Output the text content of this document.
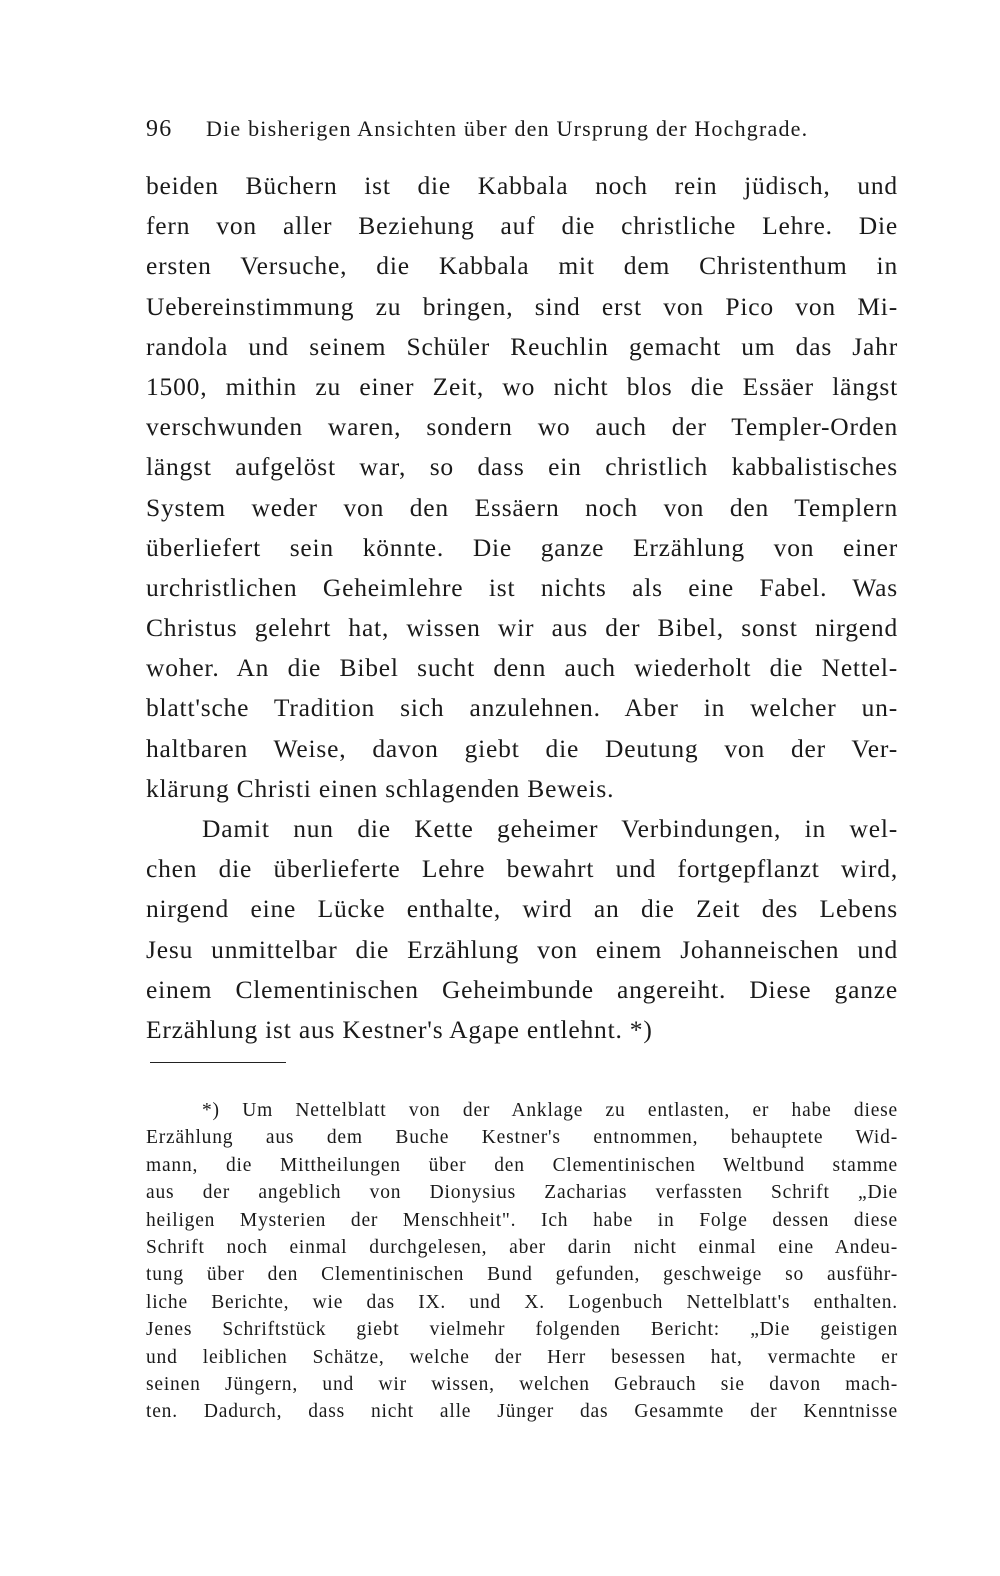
96 Die bisherigen Ansichten über den Ursprung der Hochgrade.
beiden Büchern ist die Kabbala noch rein jüdisch, und
fern von aller Beziehung auf die christliche Lehre. Die
ersten Versuche, die Kabbala mit dem Christenthum in
Uebereinstimmung zu bringen, sind erst von Pico von Mi-
randola und seinem Schüler Reuchlin gemacht um das Jahr
1500, mithin zu einer Zeit, wo nicht blos die Essäer längst
verschwunden waren, sondern wo auch der Templer-Orden
längst aufgelöst war, so dass ein christlich kabbalistisches
System weder von den Essäern noch von den Templern
überliefert sein könnte. Die ganze Erzählung von einer
urchristlichen Geheimlehre ist nichts als eine Fabel. Was
Christus gelehrt hat, wissen wir aus der Bibel, sonst nirgend
woher. An die Bibel sucht denn auch wiederholt die Nettel-
blatt'sche Tradition sich anzulehnen. Aber in welcher un-
haltbaren Weise, davon giebt die Deutung von der Ver-
klärung Christi einen schlagenden Beweis.
Damit nun die Kette geheimer Verbindungen, in wel-
chen die überlieferte Lehre bewahrt und fortgepflanzt wird,
nirgend eine Lücke enthalte, wird an die Zeit des Lebens
Jesu unmittelbar die Erzählung von einem Johanneischen und
einem Clementinischen Geheimbunde angereiht. Diese ganze
Erzählung ist aus Kestner's Agape entlehnt. *)
*) Um Nettelblatt von der Anklage zu entlasten, er habe diese
Erzählung aus dem Buche Kestner's entnommen, behauptete Wid-
mann, die Mittheilungen über den Clementinischen Weltbund stamme
aus der angeblich von Dionysius Zacharias verfassten Schrift „Die
heiligen Mysterien der Menschheit". Ich habe in Folge dessen diese
Schrift noch einmal durchgelesen, aber darin nicht einmal eine Andeu-
tung über den Clementinischen Bund gefunden, geschweige so ausführ-
liche Berichte, wie das IX. und X. Logenbuch Nettelblatt's enthalten.
Jenes Schriftstück giebt vielmehr folgenden Bericht: „Die geistigen
und leiblichen Schätze, welche der Herr besessen hat, vermachte er
seinen Jüngern, und wir wissen, welchen Gebrauch sie davon mach-
ten. Dadurch, dass nicht alle Jünger das Gesammte der Kenntnisse
